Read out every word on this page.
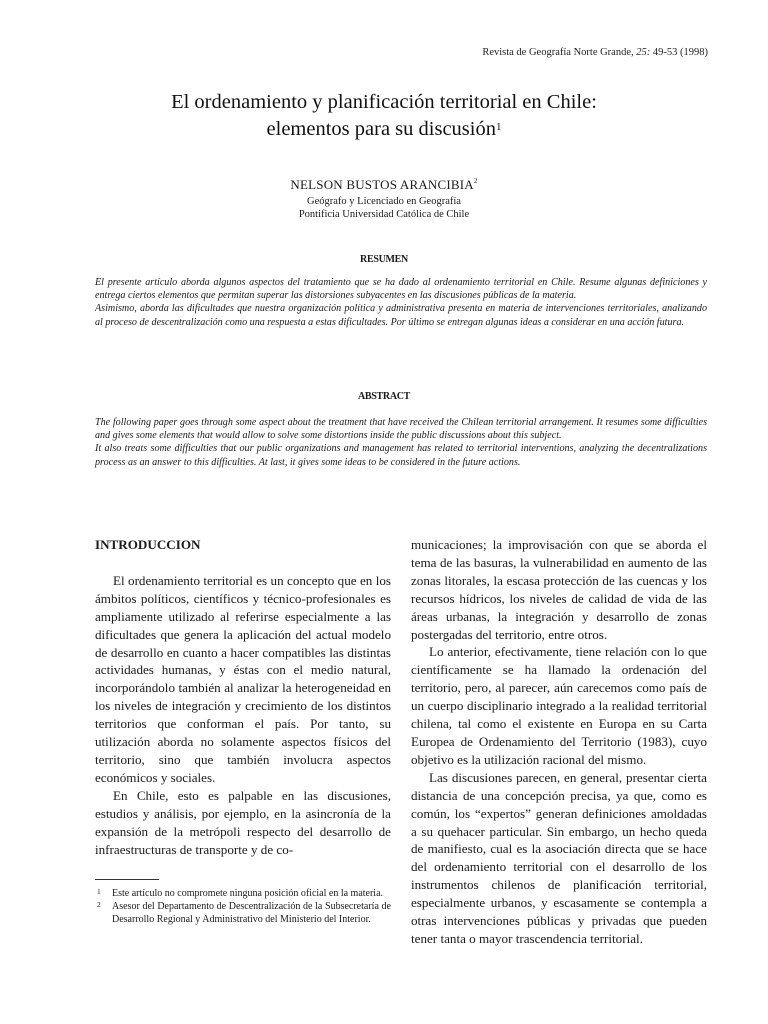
Revista de Geografía Norte Grande, 25: 49-53 (1998)
El ordenamiento y planificación territorial en Chile:
elementos para su discusión$^1$
NELSON BUSTOS ARANCIBIA$^2$
Geógrafo y Licenciado en Geografía
Pontificia Universidad Católica de Chile
RESUMEN

El presente artículo aborda algunos aspectos del tratamiento que se ha dado al ordenamiento territorial en Chile. Resume algunas definiciones y entrega ciertos elementos que permitan superar las distorsiones subyacentes en las discusiones públicas de la materia.

Asimismo, aborda las dificultades que nuestra organización política y administrativa presenta en materia de intervenciones territoriales, analizando al proceso de descentralización como una respuesta a estas dificultades. Por último se entregan algunas ideas a considerar en una acción futura.

ABSTRACT

The following paper goes through some aspect about the treatment that have received the Chilean territorial arrangement. It resumes some difficulties and gives some elements that would allow to solve some distortions inside the public discussions about this subject.

It also treats some difficulties that our public organizations and management has related to territorial interventions, analyzing the decentralizations process as an answer to this difficulties. At last, it gives some ideas to be considered in the future actions.

INTRODUCCION

El ordenamiento territorial es un concepto que en los ámbitos políticos, científicos y técnico-profesionales es ampliamente utilizado al referirse especialmente a las dificultades que genera la aplicación del actual modelo de desarrollo en cuanto a hacer compatibles las distintas actividades humanas, y éstas con el medio natural, incorporándolo también al analizar la heterogeneidad en los niveles de integración y crecimiento de los distintos territorios que conforman el país. Por tanto, su utilización aborda no solamente aspectos físicos del territorio, sino que también involucra aspectos económicos y sociales.

En Chile, esto es palpable en las discusiones, estudios y análisis, por ejemplo, en la asincronía de la expansión de la metrópoli respecto del desarrollo de infraestructuras de transporte y de co-

municaciones; la improvisación con que se aborda el tema de las basuras, la vulnerabilidad en aumento de las zonas litorales, la escasa protección de las cuencas y los recursos hídricos, los niveles de calidad de vida de las áreas urbanas, la integración y desarrollo de zonas postergadas del territorio, entre otros.

Lo anterior, efectivamente, tiene relación con lo que científicamente se ha llamado la ordenación del territorio, pero, al parecer, aún carecemos como país de un cuerpo disciplinario integrado a la realidad territorial chilena, tal como el existente en Europa en su Carta Europea de Ordenamiento del Territorio (1983), cuyo objetivo es la utilización racional del mismo.

Las discusiones parecen, en general, presentar cierta distancia de una concepción precisa, ya que, como es común, los “expertos” generan definiciones amoldadas a su quehacer particular. Sin embargo, un hecho queda de manifiesto, cual es la asociación directa que se hace del ordenamiento territorial con el desarrollo de los instrumentos chilenos de planificación territorial, especialmente urbanos, y escasamente se contempla a otras intervenciones públicas y privadas que pueden tener tanta o mayor trascendencia territorial.

1 Este artículo no compromete ninguna posición oficial en la materia.
2 Asesor del Departamento de Descentralización de la Subsecretaría de Desarrollo Regional y Administrativo del Ministerio del Interior.
